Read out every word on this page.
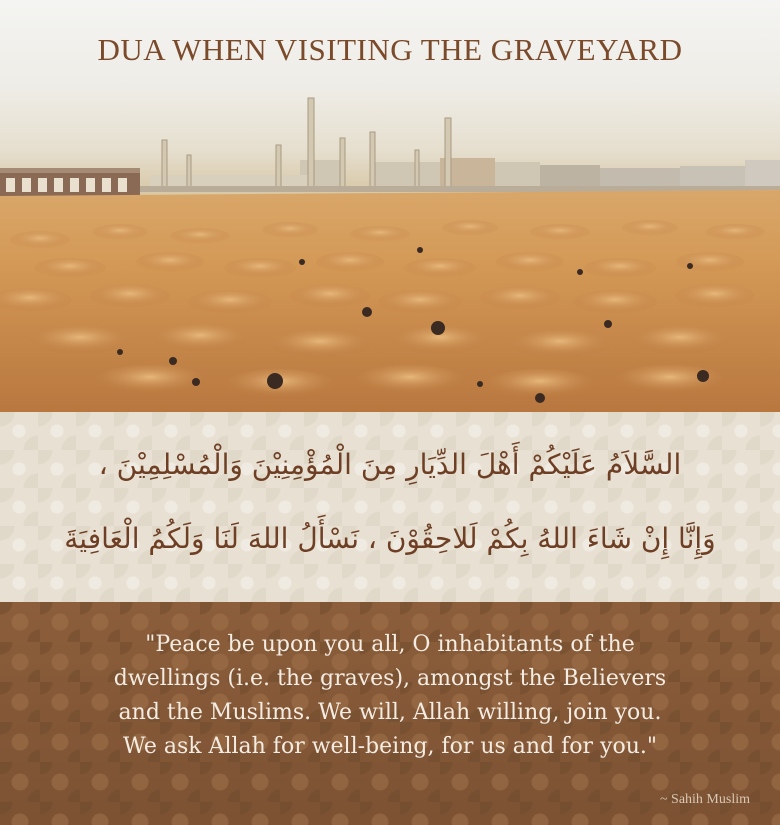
DUA WHEN VISITING THE GRAVEYARD
السَّلاَمُ عَلَيْكُمْ أَهْلَ الدِّيَارِ مِنَ الْمُؤْمِنِيْنَ وَالْمُسْلِمِيْنَ ،
وَإِنَّا إِنْ شَاءَ اللهُ بِكُمْ لَلاحِقُوْنَ ، نَسْأَلُ اللهَ لَنَا وَلَكُمُ الْعَافِيَةَ

"Peace be upon you all, O inhabitants of the
dwellings (i.e. the graves), amongst the Believers
and the Muslims. We will, Allah willing, join you.
We ask Allah for well-being, for us and for you."

~ Sahih Muslim
